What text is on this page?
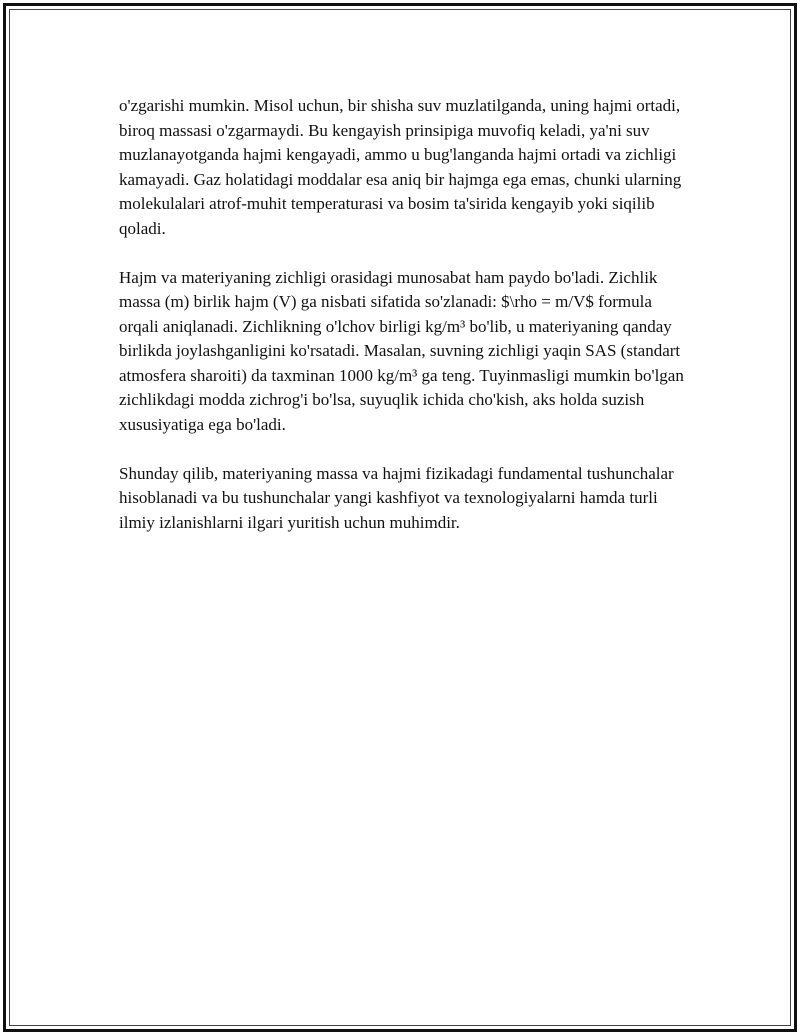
o'zgarishi mumkin. Misol uchun, bir shisha suv muzlatilganda, uning hajmi ortadi, biroq massasi o'zgarmaydi. Bu kengayish prinsipiga muvofiq keladi, ya'ni suv muzlanayotganda hajmi kengayadi, ammo u bug'langanda hajmi ortadi va zichligi kamayadi. Gaz holatidagi moddalar esa aniq bir hajmga ega emas, chunki ularning molekulalari atrof-muhit temperaturasi va bosim ta'sirida kengayib yoki siqilib qoladi.

Hajm va materiyaning zichligi orasidagi munosabat ham paydo bo'ladi. Zichlik massa (m) birlik hajm (V) ga nisbati sifatida so'zlanadi: $\rho = m/V$ formula orqali aniqlanadi. Zichlikning o'lchov birligi kg/m³ bo'lib, u materiyaning qanday birlikda joylashganligini ko'rsatadi. Masalan, suvning zichligi yaqin SAS (standart atmosfera sharoiti) da taxminan 1000 kg/m³ ga teng. Tuyinmasligi mumkin bo'lgan zichlikdagi modda zichrog'i bo'lsa, suyuqlik ichida cho'kish, aks holda suzish xususiyatiga ega bo'ladi.

Shunday qilib, materiyaning massa va hajmi fizikadagi fundamental tushunchalar hisoblanadi va bu tushunchalar yangi kashfiyot va texnologiyalarni hamda turli ilmiy izlanishlarni ilgari yuritish uchun muhimdir.
